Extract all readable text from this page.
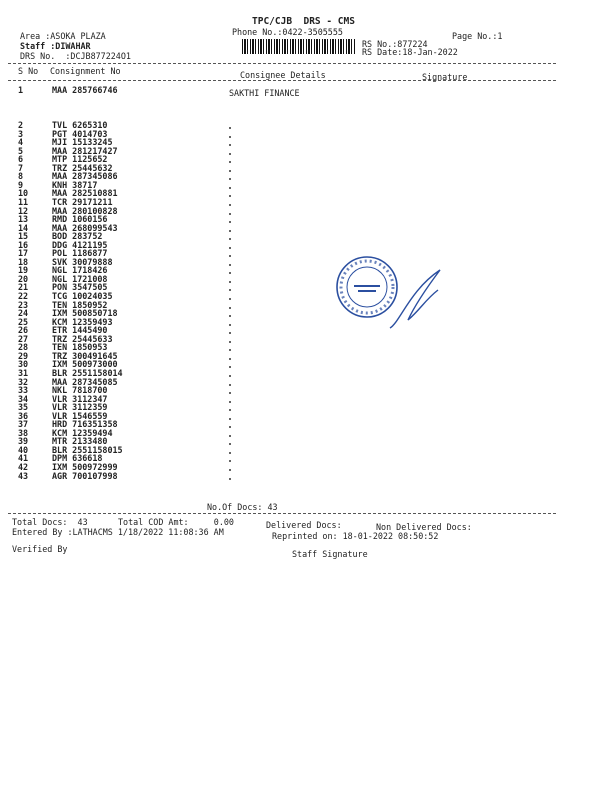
TPC/CJB  DRS - CMS
Phone No.:0422-3505555	Page No.:1
Area :ASOKA PLAZA
Staff :DIWAHAR
DRS No.  :DCJB877224O1
RS No.:877224
RS Date:18-Jan-2022
S No Consignment No	Consignee Details	Signature
1	MAA 285766746	SAKTHI FINANCE
2	TVL 6265310
3	PGT 4014703
4	MJI 15133245
5	MAA 281217427
6	MTP 1125652
7	TRZ 25445632
8	MAA 287345086
9	KNH 38717
10	MAA 282510881
11	TCR 29171211
12	MAA 280100828
13	RMD 1060156
14	MAA 268099543
15	BOD 283752
16	DDG 4121195
17	POL 1186877
18	SVK 30079888
19	NGL 1718426
20	NGL 1721008
21	PON 3547505
22	TCG 10024035
23	TEN 1850952
24	IXM 500850718
25	KCM 12359493
26	ETR 1445490
27	TRZ 25445633
28	TEN 1850953
29	TRZ 300491645
30	IXM 500973000
31	BLR 2551158014
32	MAA 287345085
33	NKL 7818700
34	VLR 3112347
35	VLR 3112359
36	VLR 1546559
37	HRD 716351358
38	KCM 12359494
39	MTR 2133480
40	BLR 2551158015
41	DPM 636618
42	IXM 500972999
43	AGR 700107998
No.Of Docs: 43
Total Docs:  43	Total COD Amt:     0.00	Delivered Docs:	Non Delivered Docs:
Entered By :LATHACMS 1/18/2022 11:08:36 AM	Reprinted on: 18-01-2022 08:50:52
Verified By	Staff Signature
